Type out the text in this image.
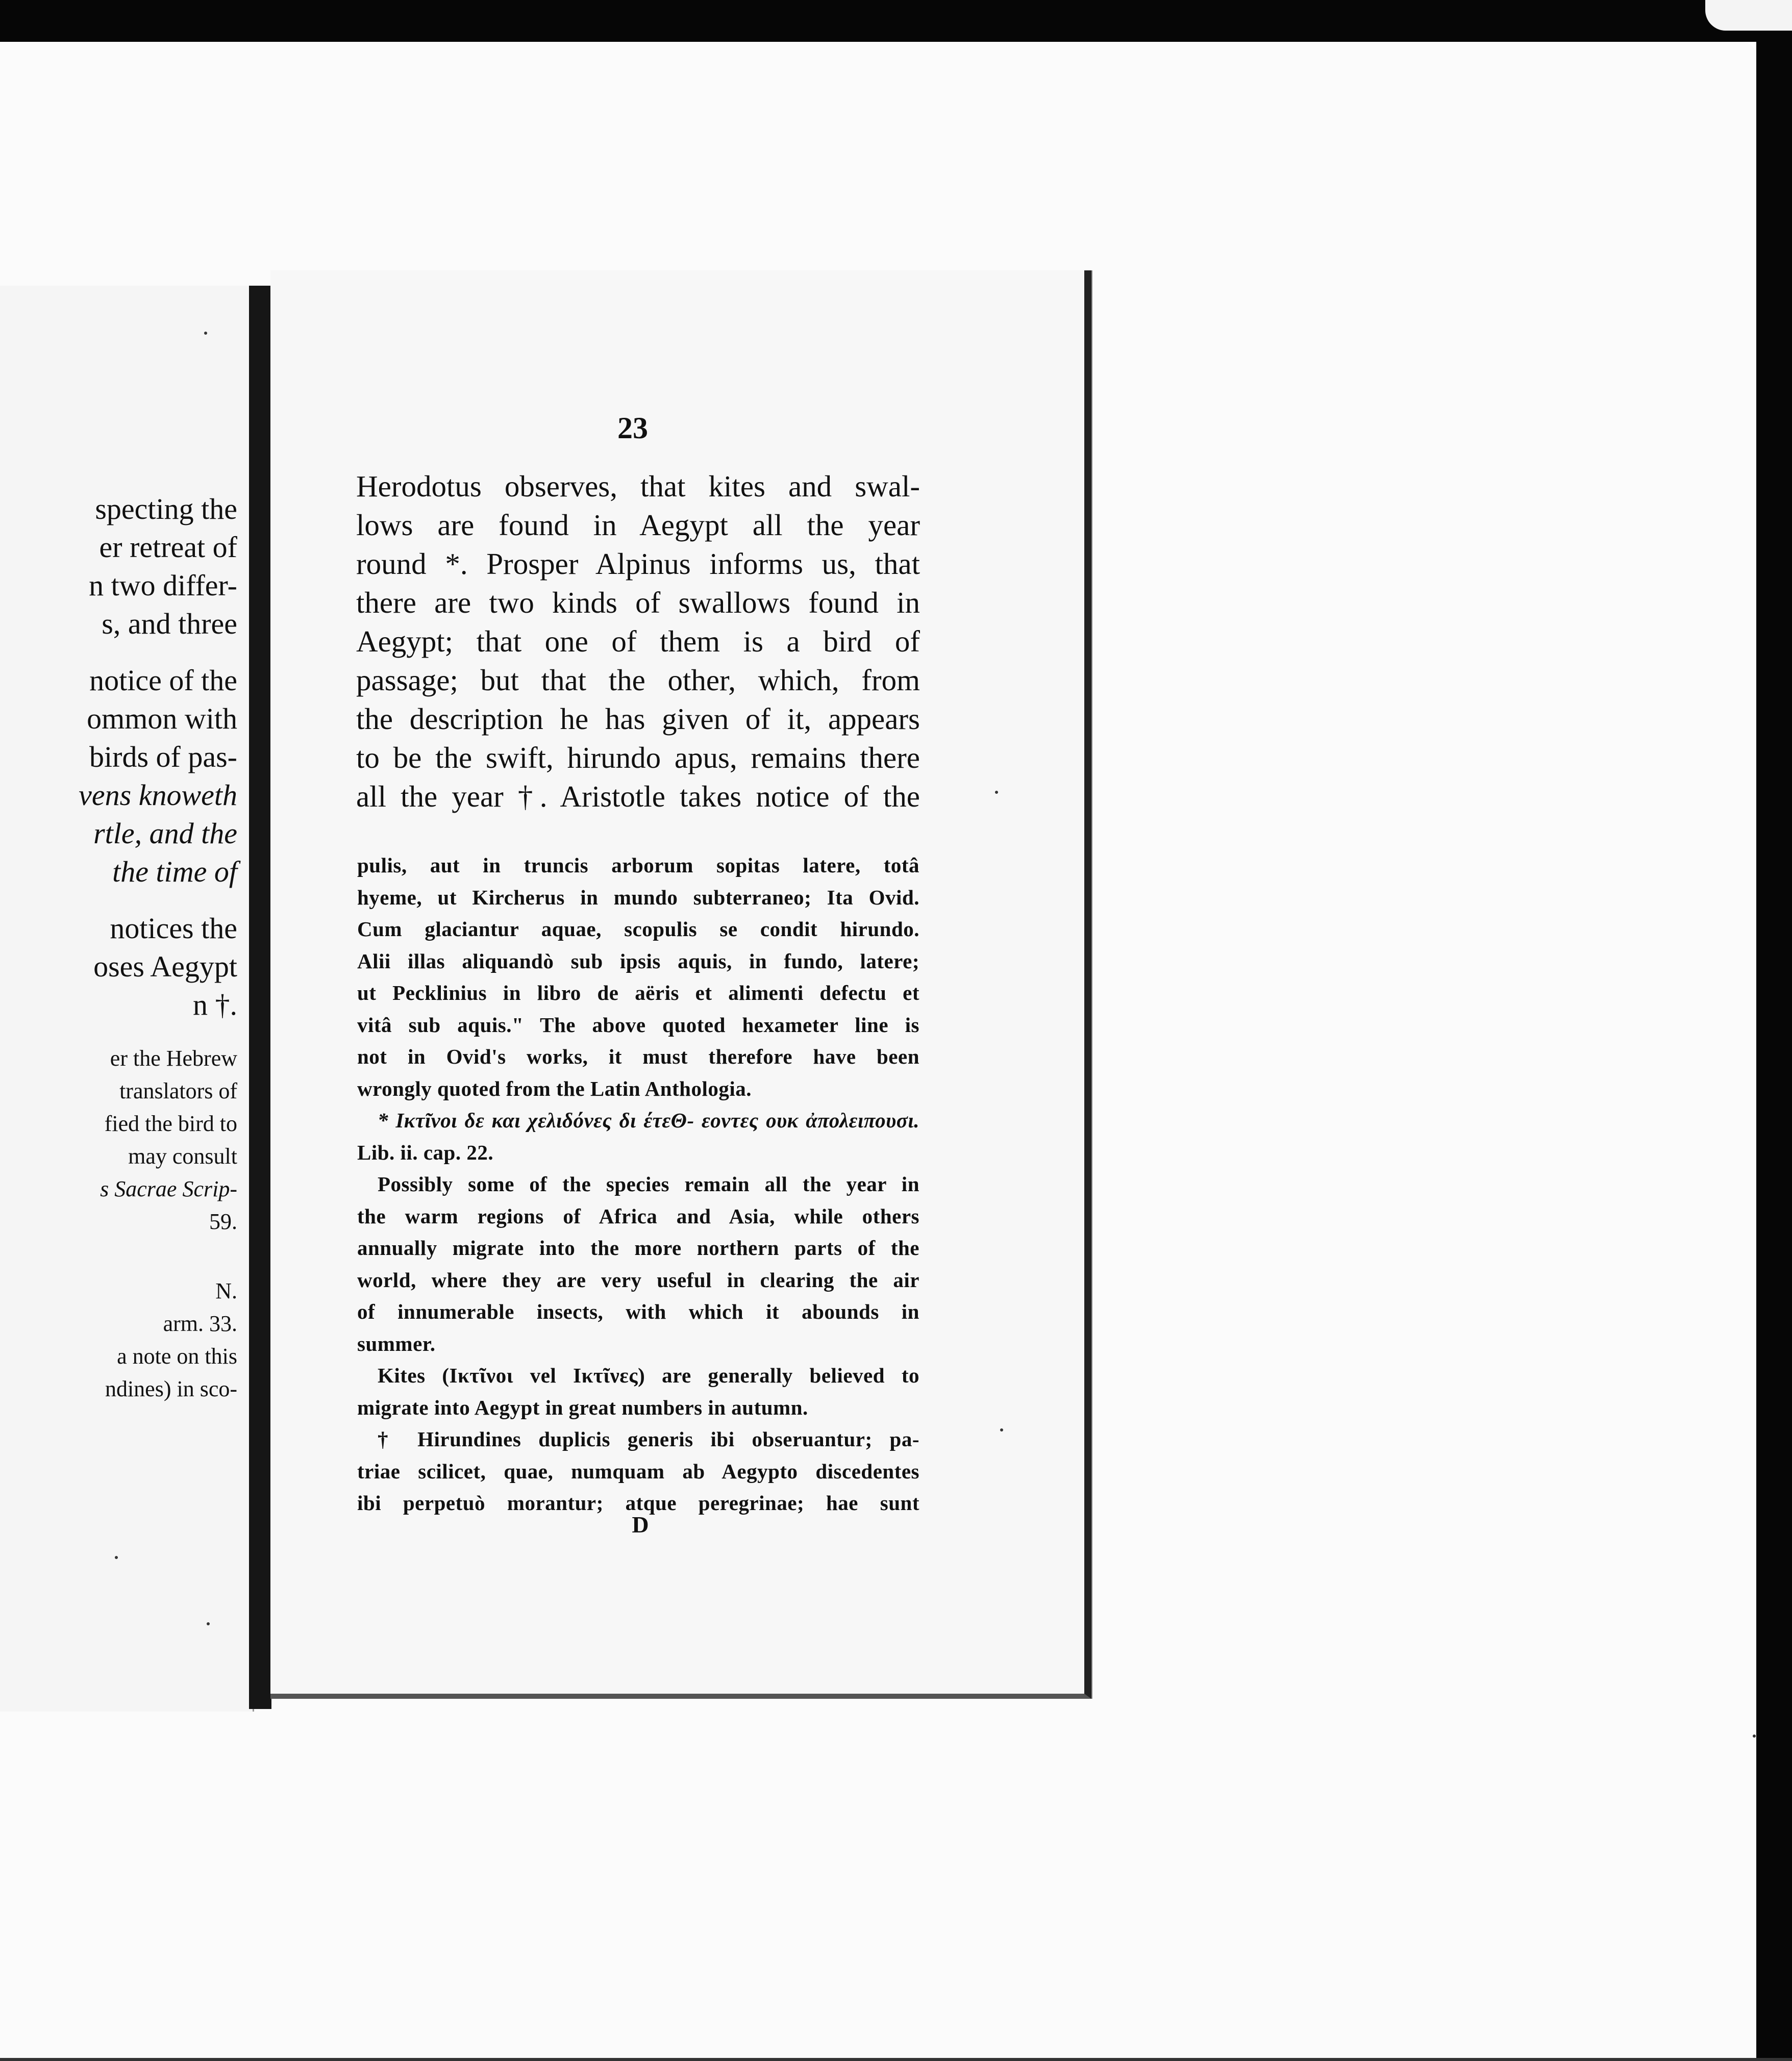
specting the
er retreat of
n two differ-
s, and three
notice of the
ommon with
birds of pas-
vens knoweth
rtle, and the
the time of
notices the
oses Aegypt
n †.
er the Hebrew
translators of
fied the bird to
may consult
s Sacrae Scrip-
59.
N.
arm. 33.
a note on this
ndines) in sco-
23
Herodotus observes, that kites and swal-
lows are found in Aegypt all the year
round *. Prosper Alpinus informs us, that
there are two kinds of swallows found in
Aegypt; that one of them is a bird of
passage; but that the other, which, from
the description he has given of it, appears
to be the swift, hirundo apus, remains there
all the year †. Aristotle takes notice of the
pulis, aut in truncis arborum sopitas latere, totâ
hyeme, ut Kircherus in mundo subterraneo; Ita Ovid.
Cum glaciantur aquae, scopulis se condit hirundo.
Alii illas aliquandò sub ipsis aquis, in fundo, latere;
ut Pecklinius in libro de aëris et alimenti defectu et
vitâ sub aquis." The above quoted hexameter line is
not in Ovid's works, it must therefore have been
wrongly quoted from the Latin Anthologia.
* Ικτῖνοι δε και χελιδόνες δι έτεΘ- εοντες ουκ ἀπολειπουσι.
Lib. ii. cap. 22.
Possibly some of the species remain all the year in
the warm regions of Africa and Asia, while others
annually migrate into the more northern parts of the
world, where they are very useful in clearing the air
of innumerable insects, with which it abounds in
summer.
Kites (Ικτῖνοι vel Ικτῖνες) are generally believed to
migrate into Aegypt in great numbers in autumn.
† Hirundines duplicis generis ibi obseruantur; pa-
triae scilicet, quae, numquam ab Aegypto discedentes
ibi perpetuò morantur; atque peregrinae; hae sunt
D
